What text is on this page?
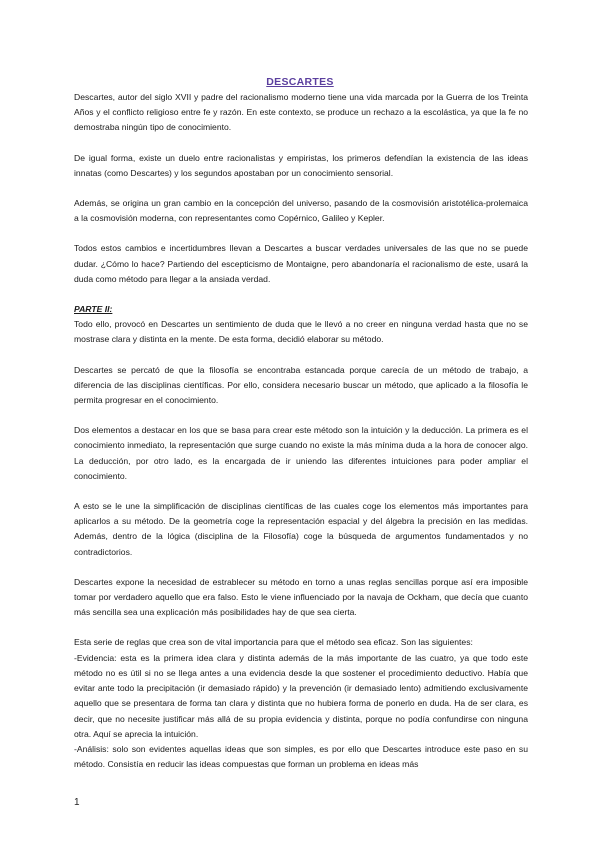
DESCARTES

Descartes, autor del siglo XVII y padre del racionalismo moderno tiene una vida marcada por la Guerra de los Treinta Años y el conflicto religioso entre fe y razón. En este contexto, se produce un rechazo a la escolástica, ya que la fe no demostraba ningún tipo de conocimiento.

De igual forma, existe un duelo entre racionalistas y empiristas, los primeros defendían la existencia de las ideas innatas (como Descartes) y los segundos apostaban por un conocimiento sensorial.

Además, se origina un gran cambio en la concepción del universo, pasando de la cosmovisión aristotélica-prolemaica a la cosmovisión moderna, con representantes como Copérnico, Galileo y Kepler.

Todos estos cambios e incertidumbres llevan a Descartes a buscar verdades universales de las que no se puede dudar. ¿Cómo lo hace? Partiendo del escepticismo de Montaigne, pero abandonaría el racionalismo de este, usará la duda como método para llegar a la ansiada verdad.

PARTE II:

Todo ello, provocó en Descartes un sentimiento de duda que le llevó a no creer en ninguna verdad hasta que no se mostrase clara y distinta en la mente. De esta forma, decidió elaborar su método.

Descartes se percató de que la filosofía se encontraba estancada porque carecía de un método de trabajo, a diferencia de las disciplinas científicas. Por ello, considera necesario buscar un método, que aplicado a la filosofía le permita progresar en el conocimiento.

Dos elementos a destacar en los que se basa para crear este método son la intuición y la deducción. La primera es el conocimiento inmediato, la representación que surge cuando no existe la más mínima duda a la hora de conocer algo. La deducción, por otro lado, es la encargada de ir uniendo las diferentes intuiciones para poder ampliar el conocimiento.

A esto se le une la simplificación de disciplinas científicas de las cuales coge los elementos más importantes para aplicarlos a su método. De la geometría coge la representación espacial y del álgebra la precisión en las medidas. Además, dentro de la lógica (disciplina de la Filosofía) coge la búsqueda de argumentos fundamentados y no contradictorios.

Descartes expone la necesidad de estrablecer su método en torno a unas reglas sencillas porque así era imposible tomar por verdadero aquello que era falso. Esto le viene influenciado por la navaja de Ockham, que decía que cuanto más sencilla sea una explicación más posibilidades hay de que sea cierta.

Esta serie de reglas que crea son de vital importancia para que el método sea eficaz. Son las siguientes:

-Evidencia: esta es la primera idea clara y distinta además de la más importante de las cuatro, ya que todo este método no es útil si no se llega antes a una evidencia desde la que sostener el procedimiento deductivo. Había que evitar ante todo la precipitación (ir demasiado rápido) y la prevención (ir demasiado lento) admitiendo exclusivamente aquello que se presentara de forma tan clara y distinta que no hubiera forma de ponerlo en duda. Ha de ser clara, es decir, que no necesite justificar más allá de su propia evidencia y distinta, porque no podía confundirse con ninguna otra. Aquí se aprecia la intuición.

-Análisis: solo son evidentes aquellas ideas que son simples, es por ello que Descartes introduce este paso en su método. Consistía en reducir las ideas compuestas que forman un problema en ideas más

1
